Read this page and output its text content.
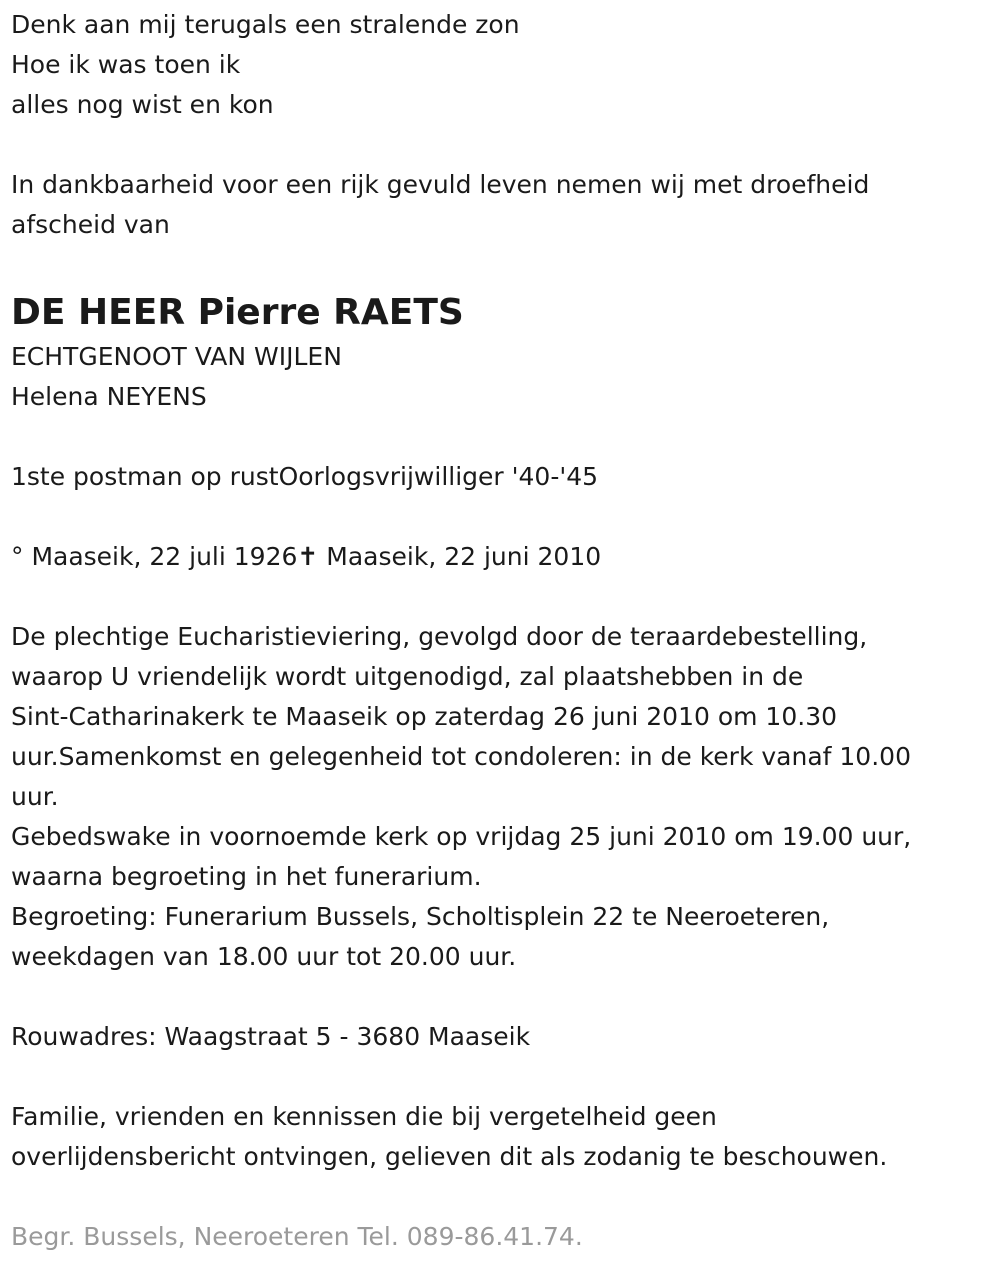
Denk aan mij terugals een stralende zon

Hoe ik was toen ik

alles nog wist en kon

In dankbaarheid voor een rijk gevuld leven nemen wij met droefheid

afscheid van

DE HEER Pierre RAETS

ECHTGENOOT VAN WIJLEN

Helena NEYENS

1ste postman op rustOorlogsvrijwilliger '40-'45

° Maaseik, 22 juli 1926✝ Maaseik, 22 juni 2010

De plechtige Eucharistieviering, gevolgd door de teraardebestelling,

waarop U vriendelijk wordt uitgenodigd, zal plaatshebben in de

Sint-Catharinakerk te Maaseik op zaterdag 26 juni 2010 om 10.30

uur.Samenkomst en gelegenheid tot condoleren: in de kerk vanaf 10.00

uur.

Gebedswake in voornoemde kerk op vrijdag 25 juni 2010 om 19.00 uur,

waarna begroeting in het funerarium.

Begroeting: Funerarium Bussels, Scholtisplein 22 te Neeroeteren,

weekdagen van 18.00 uur tot 20.00 uur.

Rouwadres: Waagstraat 5 - 3680 Maaseik

Familie, vrienden en kennissen die bij vergetelheid geen

overlijdensbericht ontvingen, gelieven dit als zodanig te beschouwen.

Begr. Bussels, Neeroeteren Tel. 089-86.41.74.
